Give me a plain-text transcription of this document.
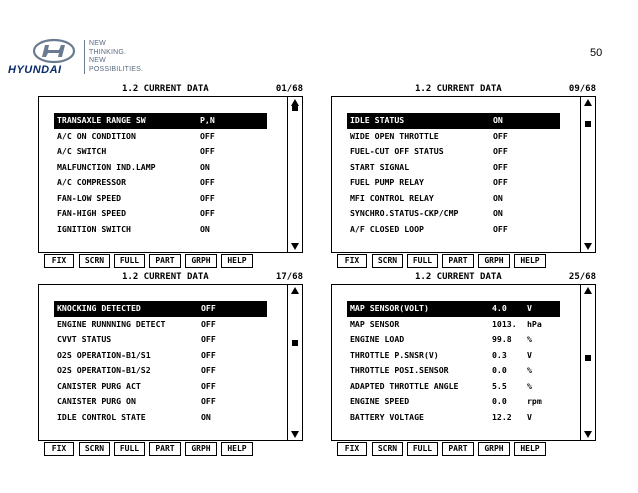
HYUNDAI
NEW
THINKING.
NEW
POSSIBILITIES.
50
1.2 CURRENT DATA	01/68
TRANSAXLE RANGE SW	P,N
A/C ON CONDITION	OFF
A/C SWITCH	OFF
MALFUNCTION IND.LAMP	ON
A/C COMPRESSOR	OFF
FAN-LOW SPEED	OFF
FAN-HIGH SPEED	OFF
IGNITION SWITCH	ON
FIX	SCRN	FULL	PART	GRPH	HELP
1.2 CURRENT DATA	09/68
IDLE STATUS	ON
WIDE OPEN THROTTLE	OFF
FUEL-CUT OFF STATUS	OFF
START SIGNAL	OFF
FUEL PUMP RELAY	OFF
MFI CONTROL RELAY	ON
SYNCHRO.STATUS-CKP/CMP	ON
A/F CLOSED LOOP	OFF
FIX	SCRN	FULL	PART	GRPH	HELP
1.2 CURRENT DATA	17/68
KNOCKING DETECTED	OFF
ENGINE RUNNNING DETECT	OFF
CVVT STATUS	OFF
O2S OPERATION-B1/S1	OFF
O2S OPERATION-B1/S2	OFF
CANISTER PURG ACT	OFF
CANISTER PURG ON	OFF
IDLE CONTROL STATE	ON
FIX	SCRN	FULL	PART	GRPH	HELP
1.2 CURRENT DATA	25/68
MAP SENSOR(VOLT)	4.0 V
MAP SENSOR	1013. hPa
ENGINE LOAD	99.8 %
THROTTLE P.SNSR(V)	0.3 V
THROTTLE POSI.SENSOR	0.0 %
ADAPTED THROTTLE ANGLE	5.5 %
ENGINE SPEED	0.0 rpm
BATTERY VOLTAGE	12.2 V
FIX	SCRN	FULL	PART	GRPH	HELP
